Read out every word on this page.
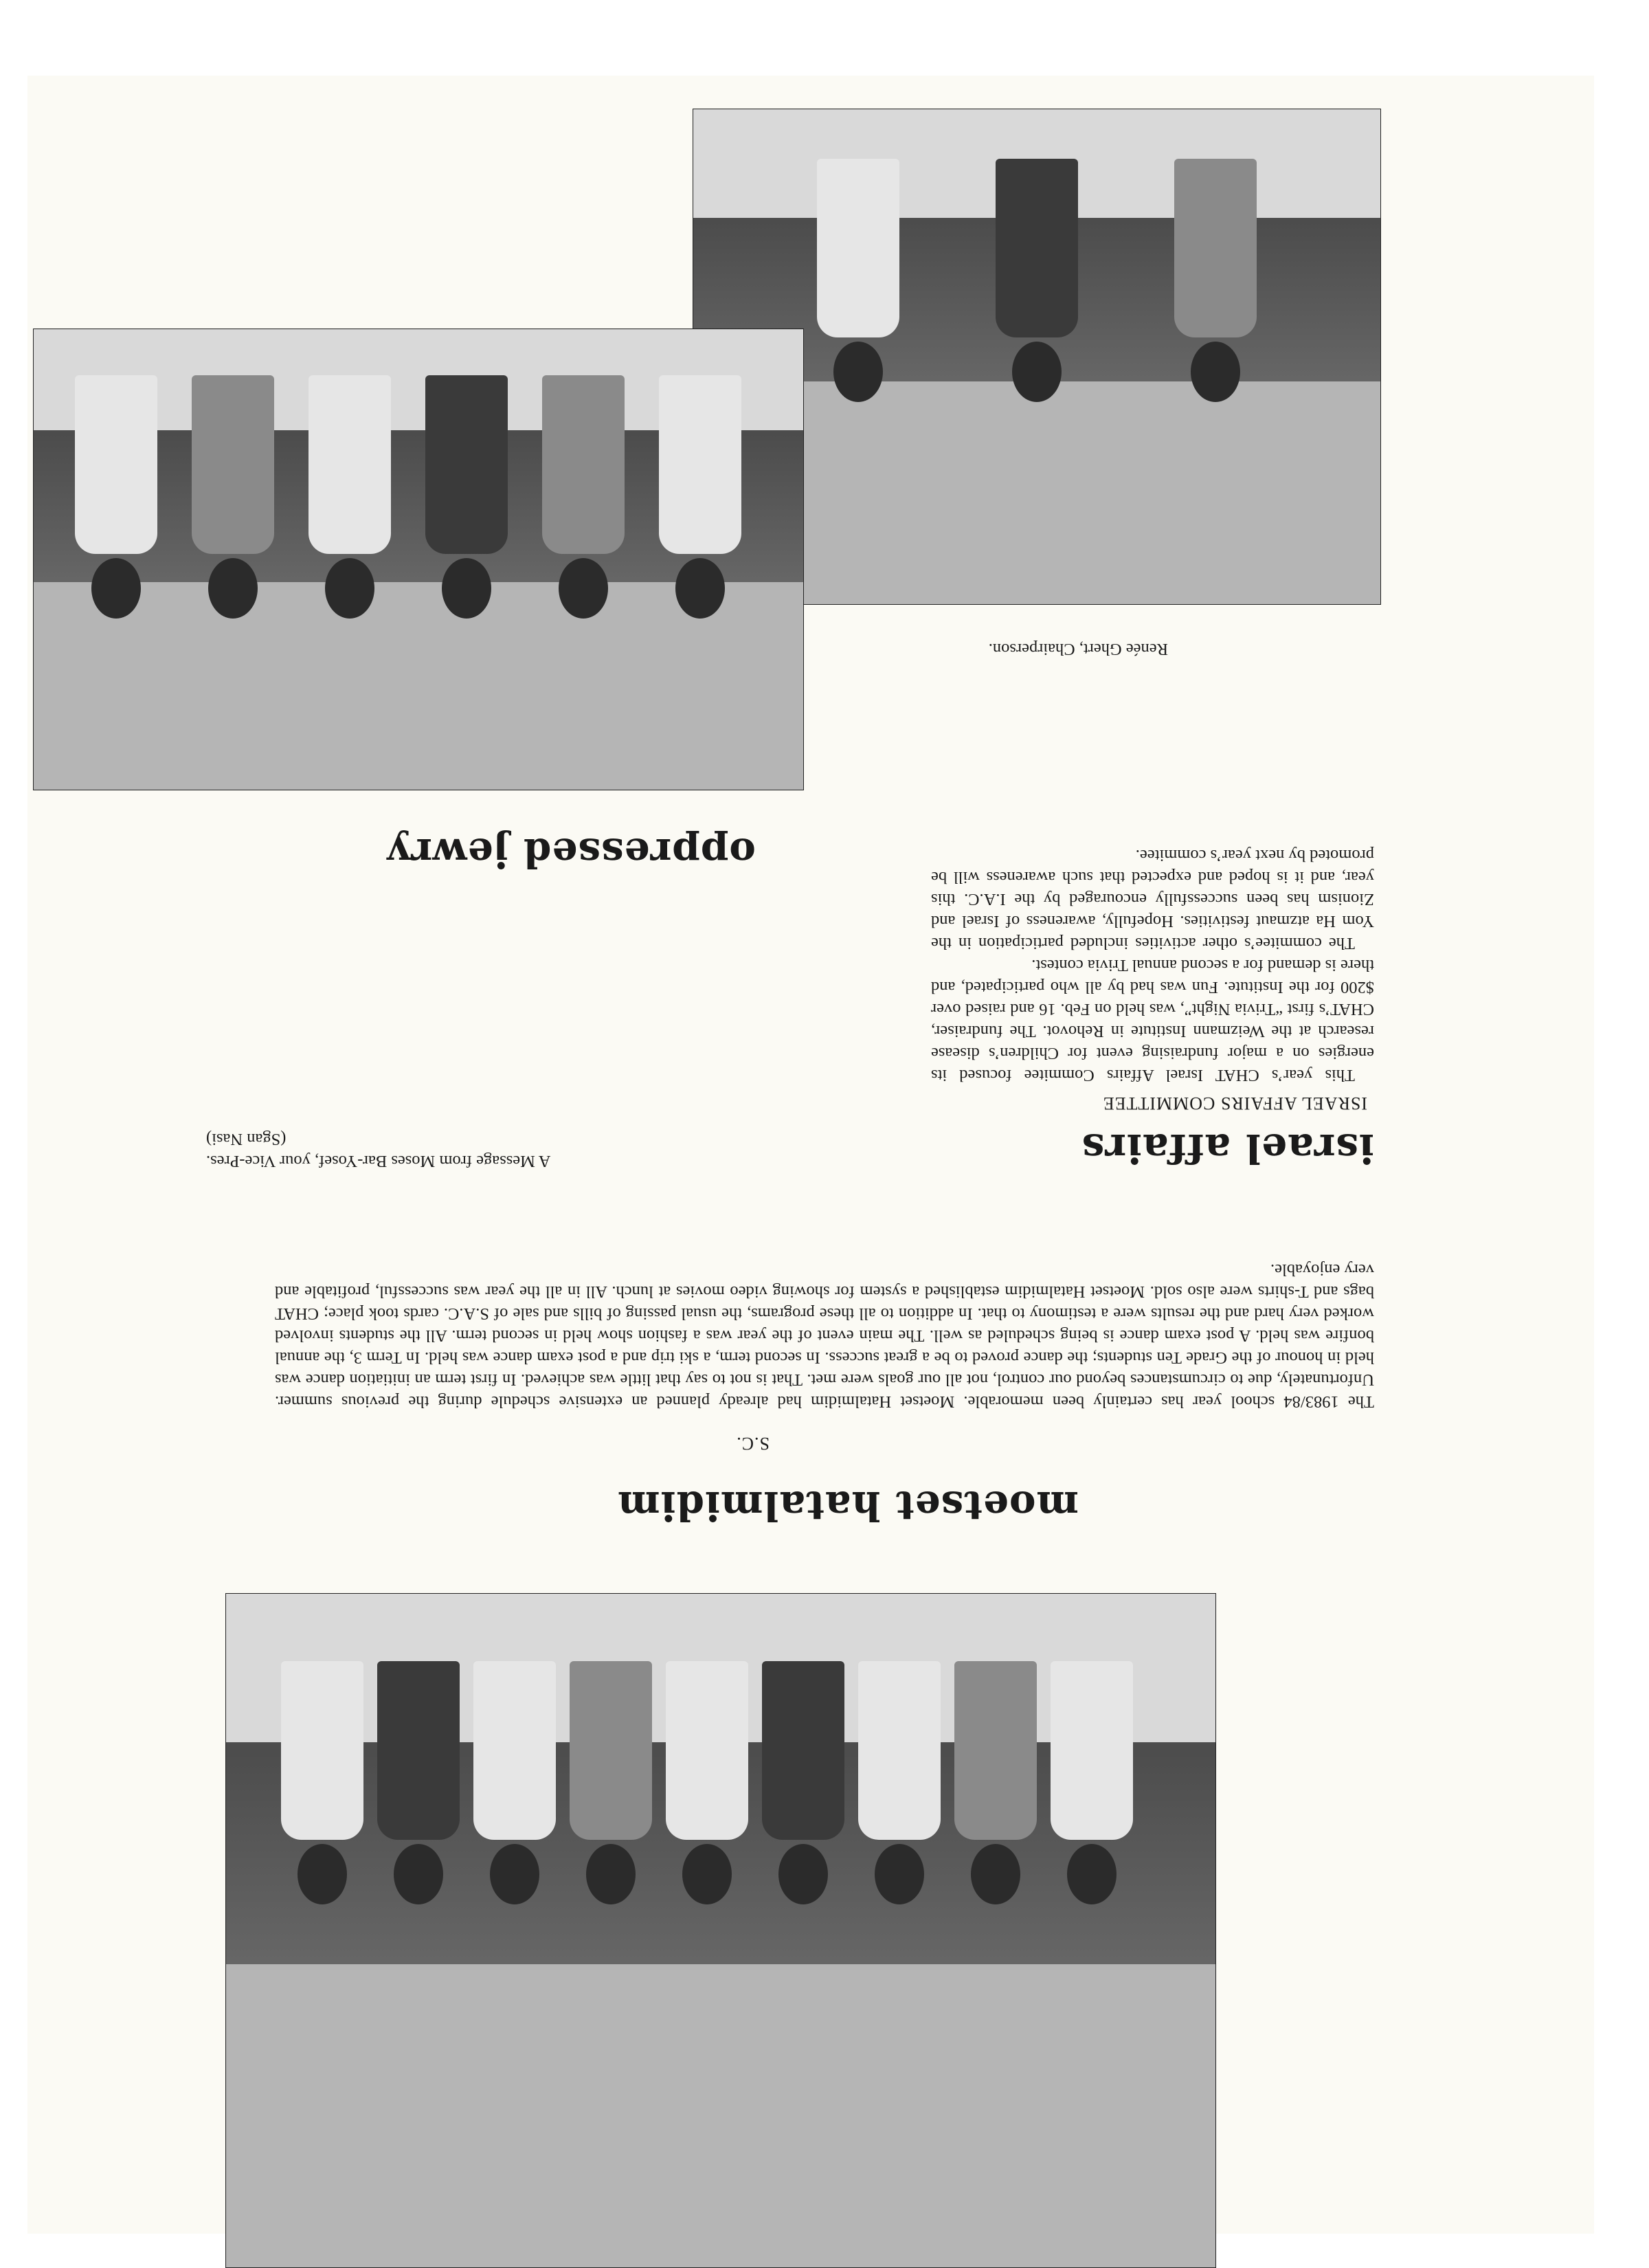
moetset hatalmidim
S.C.

The 1983/84 school year has certainly been memorable. Moetset Hatalmidim had already planned an extensive schedule during the previous summer. Unfortunately, due to circumstances beyond our control, not all our goals were met. That is not to say that little was achieved. In first term an initiation dance was held in honour of the Grade Ten students; the dance proved to be a great success. In second term, a ski trip and a post exam dance was held. In Term 3, the annual bonfire was held. A post exam dance is being scheduled as well. The main event of the year was a fashion show held in second term. All the students involved worked very hard and the results were a testimony to that. In addition to all these programs, the usual passing of bills and sale of S.A.C. cards took place; CHAT bags and T-shirts were also sold. Moetset Hatalmidim established a system for showing video movies at lunch. All in all the year was successful, profitable and very enjoyable.

A Message from Moses Bar-Yosef, your Vice-Pres.
(Sgan Nasi)	israel affairs
ISRAEL AFFAIRS COMMITTEE

This year’s CHAT Israel Affairs Commitee focused its energies on a major fundraising event for Children’s disease research at the Weizmann Institute in Rehovot. The fundraiser, CHAT’s first “Trivia Night”, was held on Feb. 16 and raised over $200 for the Institute. Fun was had by all who participated, and there is demand for a second annual Trivia contest.

The commitee’s other activities included participation in the Yom Ha atzmaut festivities. Hopefully, awareness of Israel and Zionism has been successfully encouraged by the I.A.C. this year, and it is hoped and expected that such awareness will be promoted by next year’s commitee.

Renée Ghert, Chairperson.
oppressed jewry
